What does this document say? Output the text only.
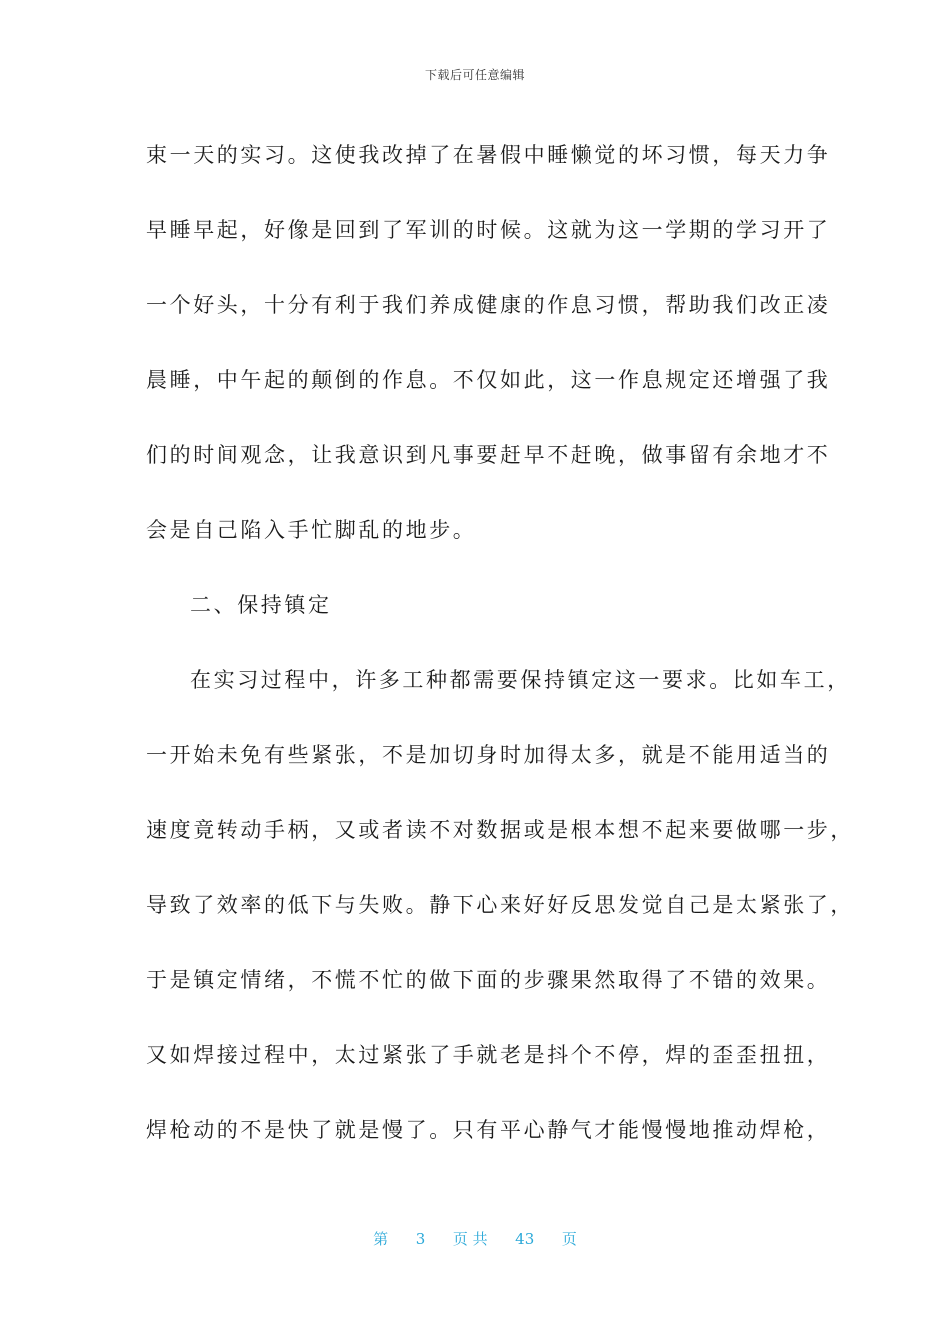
下载后可任意编辑
束一天的实习。这使我改掉了在暑假中睡懒觉的坏习惯，每天力争
早睡早起，好像是回到了军训的时候。这就为这一学期的学习开了
一个好头，十分有利于我们养成健康的作息习惯，帮助我们改正凌
晨睡，中午起的颠倒的作息。不仅如此，这一作息规定还增强了我
们的时间观念，让我意识到凡事要赶早不赶晚，做事留有余地才不
会是自己陷入手忙脚乱的地步。
二、保持镇定
在实习过程中，许多工种都需要保持镇定这一要求。比如车工，
一开始未免有些紧张，不是加切身时加得太多，就是不能用适当的
速度竟转动手柄，又或者读不对数据或是根本想不起来要做哪一步，
导致了效率的低下与失败。静下心来好好反思发觉自己是太紧张了，
于是镇定情绪，不慌不忙的做下面的步骤果然取得了不错的效果。
又如焊接过程中，太过紧张了手就老是抖个不停，焊的歪歪扭扭，
焊枪动的不是快了就是慢了。只有平心静气才能慢慢地推动焊枪，
第 3 页 共 43 页
